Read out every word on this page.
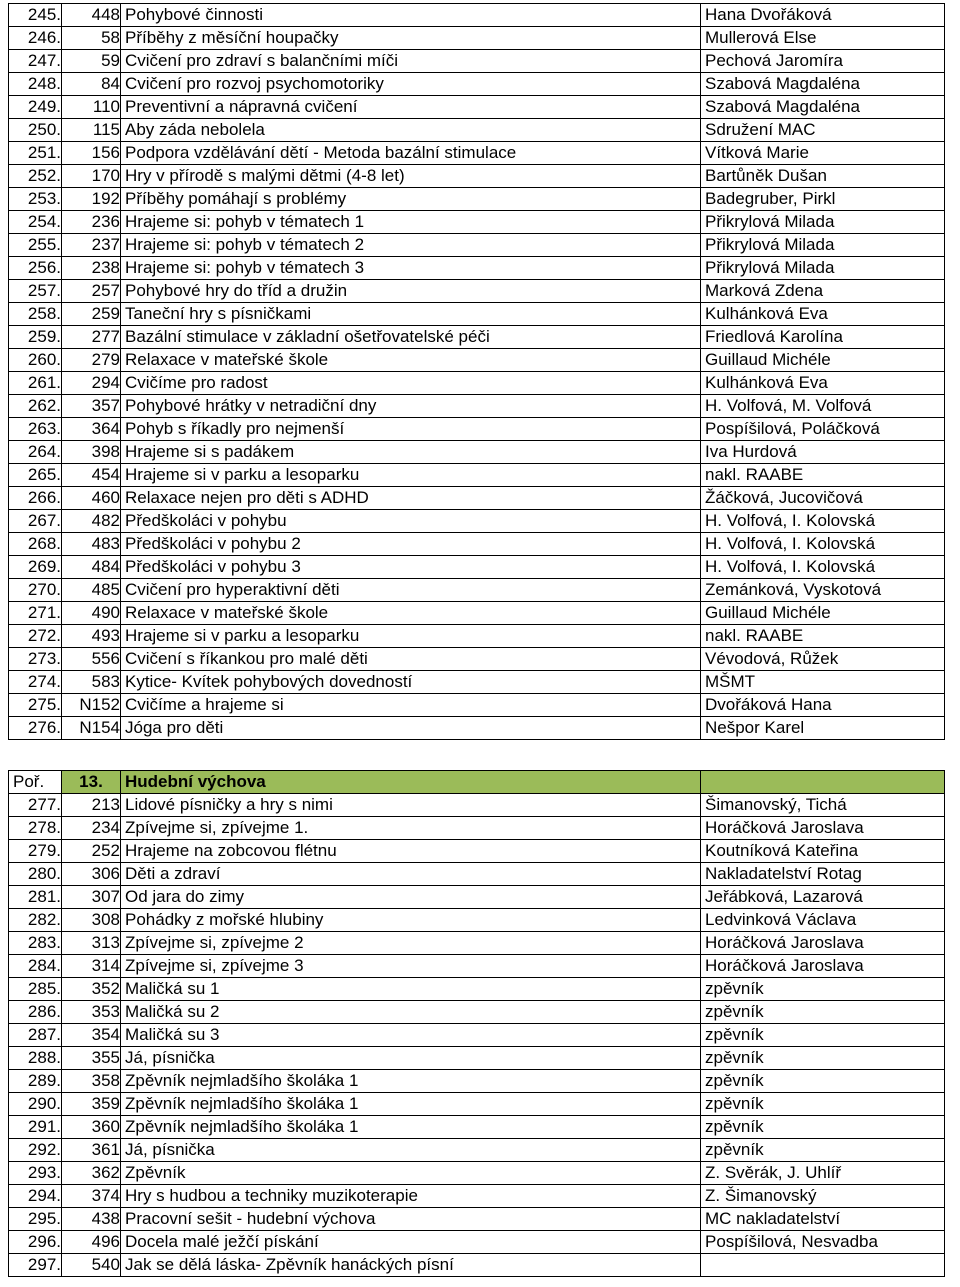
245.	448	Pohybové činnosti	Hana Dvořáková
246.	58	Příběhy z měsíční houpačky	Mullerová Else
247.	59	Cvičení pro zdraví s balančními míči	Pechová Jaromíra
248.	84	Cvičení pro rozvoj psychomotoriky	Szabová Magdaléna
249.	110	Preventivní a nápravná cvičení	Szabová Magdaléna
250.	115	Aby záda nebolela	Sdružení MAC
251.	156	Podpora vzdělávání dětí - Metoda bazální stimulace	Vítková Marie
252.	170	Hry v přírodě s malými dětmi (4-8 let)	Bartůněk Dušan
253.	192	Příběhy pomáhají s problémy	Badegruber, Pirkl
254.	236	Hrajeme si: pohyb v tématech 1	Přikrylová Milada
255.	237	Hrajeme si: pohyb v tématech 2	Přikrylová Milada
256.	238	Hrajeme si: pohyb v tématech 3	Přikrylová Milada
257.	257	Pohybové hry do tříd a družin	Marková Zdena
258.	259	Taneční hry s písničkami	Kulhánková Eva
259.	277	Bazální stimulace v základní ošetřovatelské péči	Friedlová Karolína
260.	279	Relaxace v mateřské škole	Guillaud Michéle
261.	294	Cvičíme pro radost	Kulhánková Eva
262.	357	Pohybové hrátky v netradiční dny	H. Volfová, M. Volfová
263.	364	Pohyb s říkadly pro nejmenší	Pospíšilová, Poláčková
264.	398	Hrajeme si s padákem	Iva Hurdová
265.	454	Hrajeme si v parku a lesoparku	nakl. RAABE
266.	460	Relaxace nejen pro děti s ADHD	Žáčková, Jucovičová
267.	482	Předškoláci v pohybu	H. Volfová, I. Kolovská
268.	483	Předškoláci v pohybu 2	H. Volfová, I. Kolovská
269.	484	Předškoláci v pohybu 3	H. Volfová, I. Kolovská
270.	485	Cvičení pro hyperaktivní děti	Zemánková, Vyskotová
271.	490	Relaxace v mateřské škole	Guillaud Michéle
272.	493	Hrajeme si v parku a lesoparku	nakl. RAABE
273.	556	Cvičení s říkankou pro malé děti	Vévodová, Růžek
274.	583	Kytice- Kvítek pohybových dovedností	MŠMT
275.	N152	Cvičíme a hrajeme si	Dvořáková Hana
276.	N154	Jóga pro děti	Nešpor Karel
Poř.	13.	Hudební výchova	
277.	213	Lidové písničky a hry s nimi	Šimanovský, Tichá
278.	234	Zpívejme si, zpívejme 1.	Horáčková Jaroslava
279.	252	Hrajeme na zobcovou flétnu	Koutníková Kateřina
280.	306	Děti a zdraví	Nakladatelství Rotag
281.	307	Od jara do zimy	Jeřábková, Lazarová
282.	308	Pohádky z mořské hlubiny	Ledvinková Václava
283.	313	Zpívejme si, zpívejme 2	Horáčková Jaroslava
284.	314	Zpívejme si, zpívejme 3	Horáčková Jaroslava
285.	352	Maličká su 1	zpěvník
286.	353	Maličká su 2	zpěvník
287.	354	Maličká su 3	zpěvník
288.	355	Já, písnička	zpěvník
289.	358	Zpěvník nejmladšího školáka 1	zpěvník
290.	359	Zpěvník nejmladšího školáka 1	zpěvník
291.	360	Zpěvník nejmladšího školáka 1	zpěvník
292.	361	Já, písnička	zpěvník
293.	362	Zpěvník	Z. Svěrák, J. Uhlíř
294.	374	Hry s hudbou a techniky muzikoterapie	Z. Šimanovský
295.	438	Pracovní sešit - hudební výchova	MC nakladatelství
296.	496	Docela malé ježčí pískání	Pospíšilová, Nesvadba
297.	540	Jak se dělá láska- Zpěvník hanáckých písní	
